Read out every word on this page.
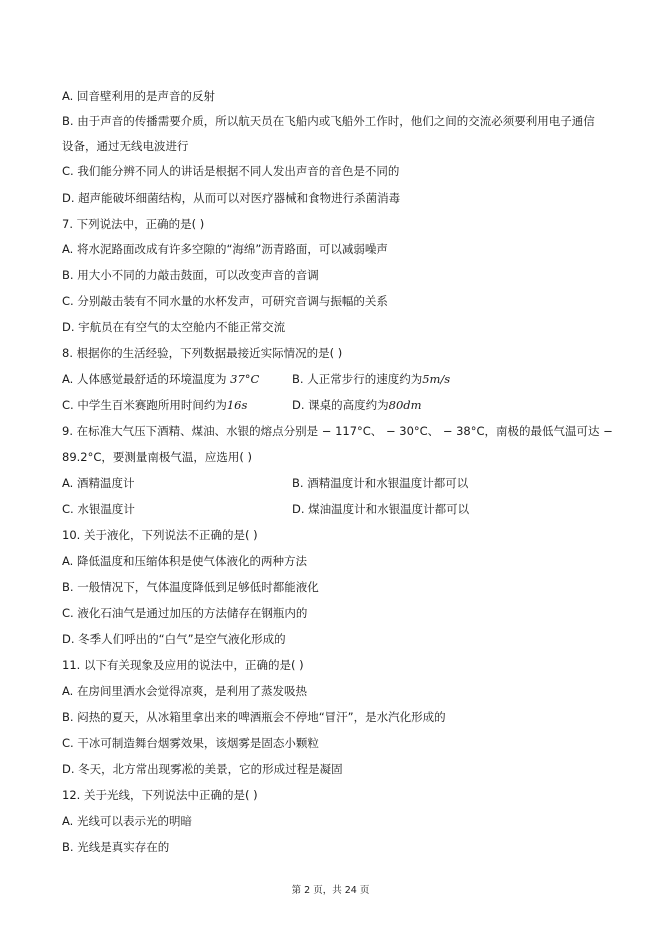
A. 回音壁利用的是声音的反射
B. 由于声音的传播需要介质，所以航天员在飞船内或飞船外工作时，他们之间的交流必须要利用电子通信
设备，通过无线电波进行
C. 我们能分辨不同人的讲话是根据不同人发出声音的音色是不同的
D. 超声能破坏细菌结构，从而可以对医疗器械和食物进行杀菌消毒
7. 下列说法中，正确的是( )
A. 将水泥路面改成有许多空隙的“海绵”沥青路面，可以减弱噪声
B. 用大小不同的力敲击鼓面，可以改变声音的音调
C. 分别敲击装有不同水量的水杯发声，可研究音调与振幅的关系
D. 宇航员在有空气的太空舱内不能正常交流
8. 根据你的生活经验，下列数据最接近实际情况的是( )
A. 人体感觉最舒适的环境温度为 37°C	B. 人正常步行的速度约为5m/s
C. 中学生百米赛跑所用时间约为16s	D. 课桌的高度约为80dm
9. 在标准大气压下酒精、煤油、水银的熔点分别是 − 117°C、 − 30°C、 − 38°C，南极的最低气温可达 −
89.2°C，要测量南极气温，应选用( )
A. 酒精温度计	B. 酒精温度计和水银温度计都可以
C. 水银温度计	D. 煤油温度计和水银温度计都可以
10. 关于液化，下列说法不正确的是( )
A. 降低温度和压缩体积是使气体液化的两种方法
B. 一般情况下，气体温度降低到足够低时都能液化
C. 液化石油气是通过加压的方法储存在钢瓶内的
D. 冬季人们呼出的“白气”是空气液化形成的
11. 以下有关现象及应用的说法中，正确的是( )
A. 在房间里洒水会觉得凉爽，是利用了蒸发吸热
B. 闷热的夏天，从冰箱里拿出来的啤酒瓶会不停地“冒汗”，是水汽化形成的
C. 干冰可制造舞台烟雾效果，该烟雾是固态小颗粒
D. 冬天，北方常出现雾凇的美景，它的形成过程是凝固
12. 关于光线，下列说法中正确的是( )
A. 光线可以表示光的明暗
B. 光线是真实存在的
第 2 页，共 24 页
